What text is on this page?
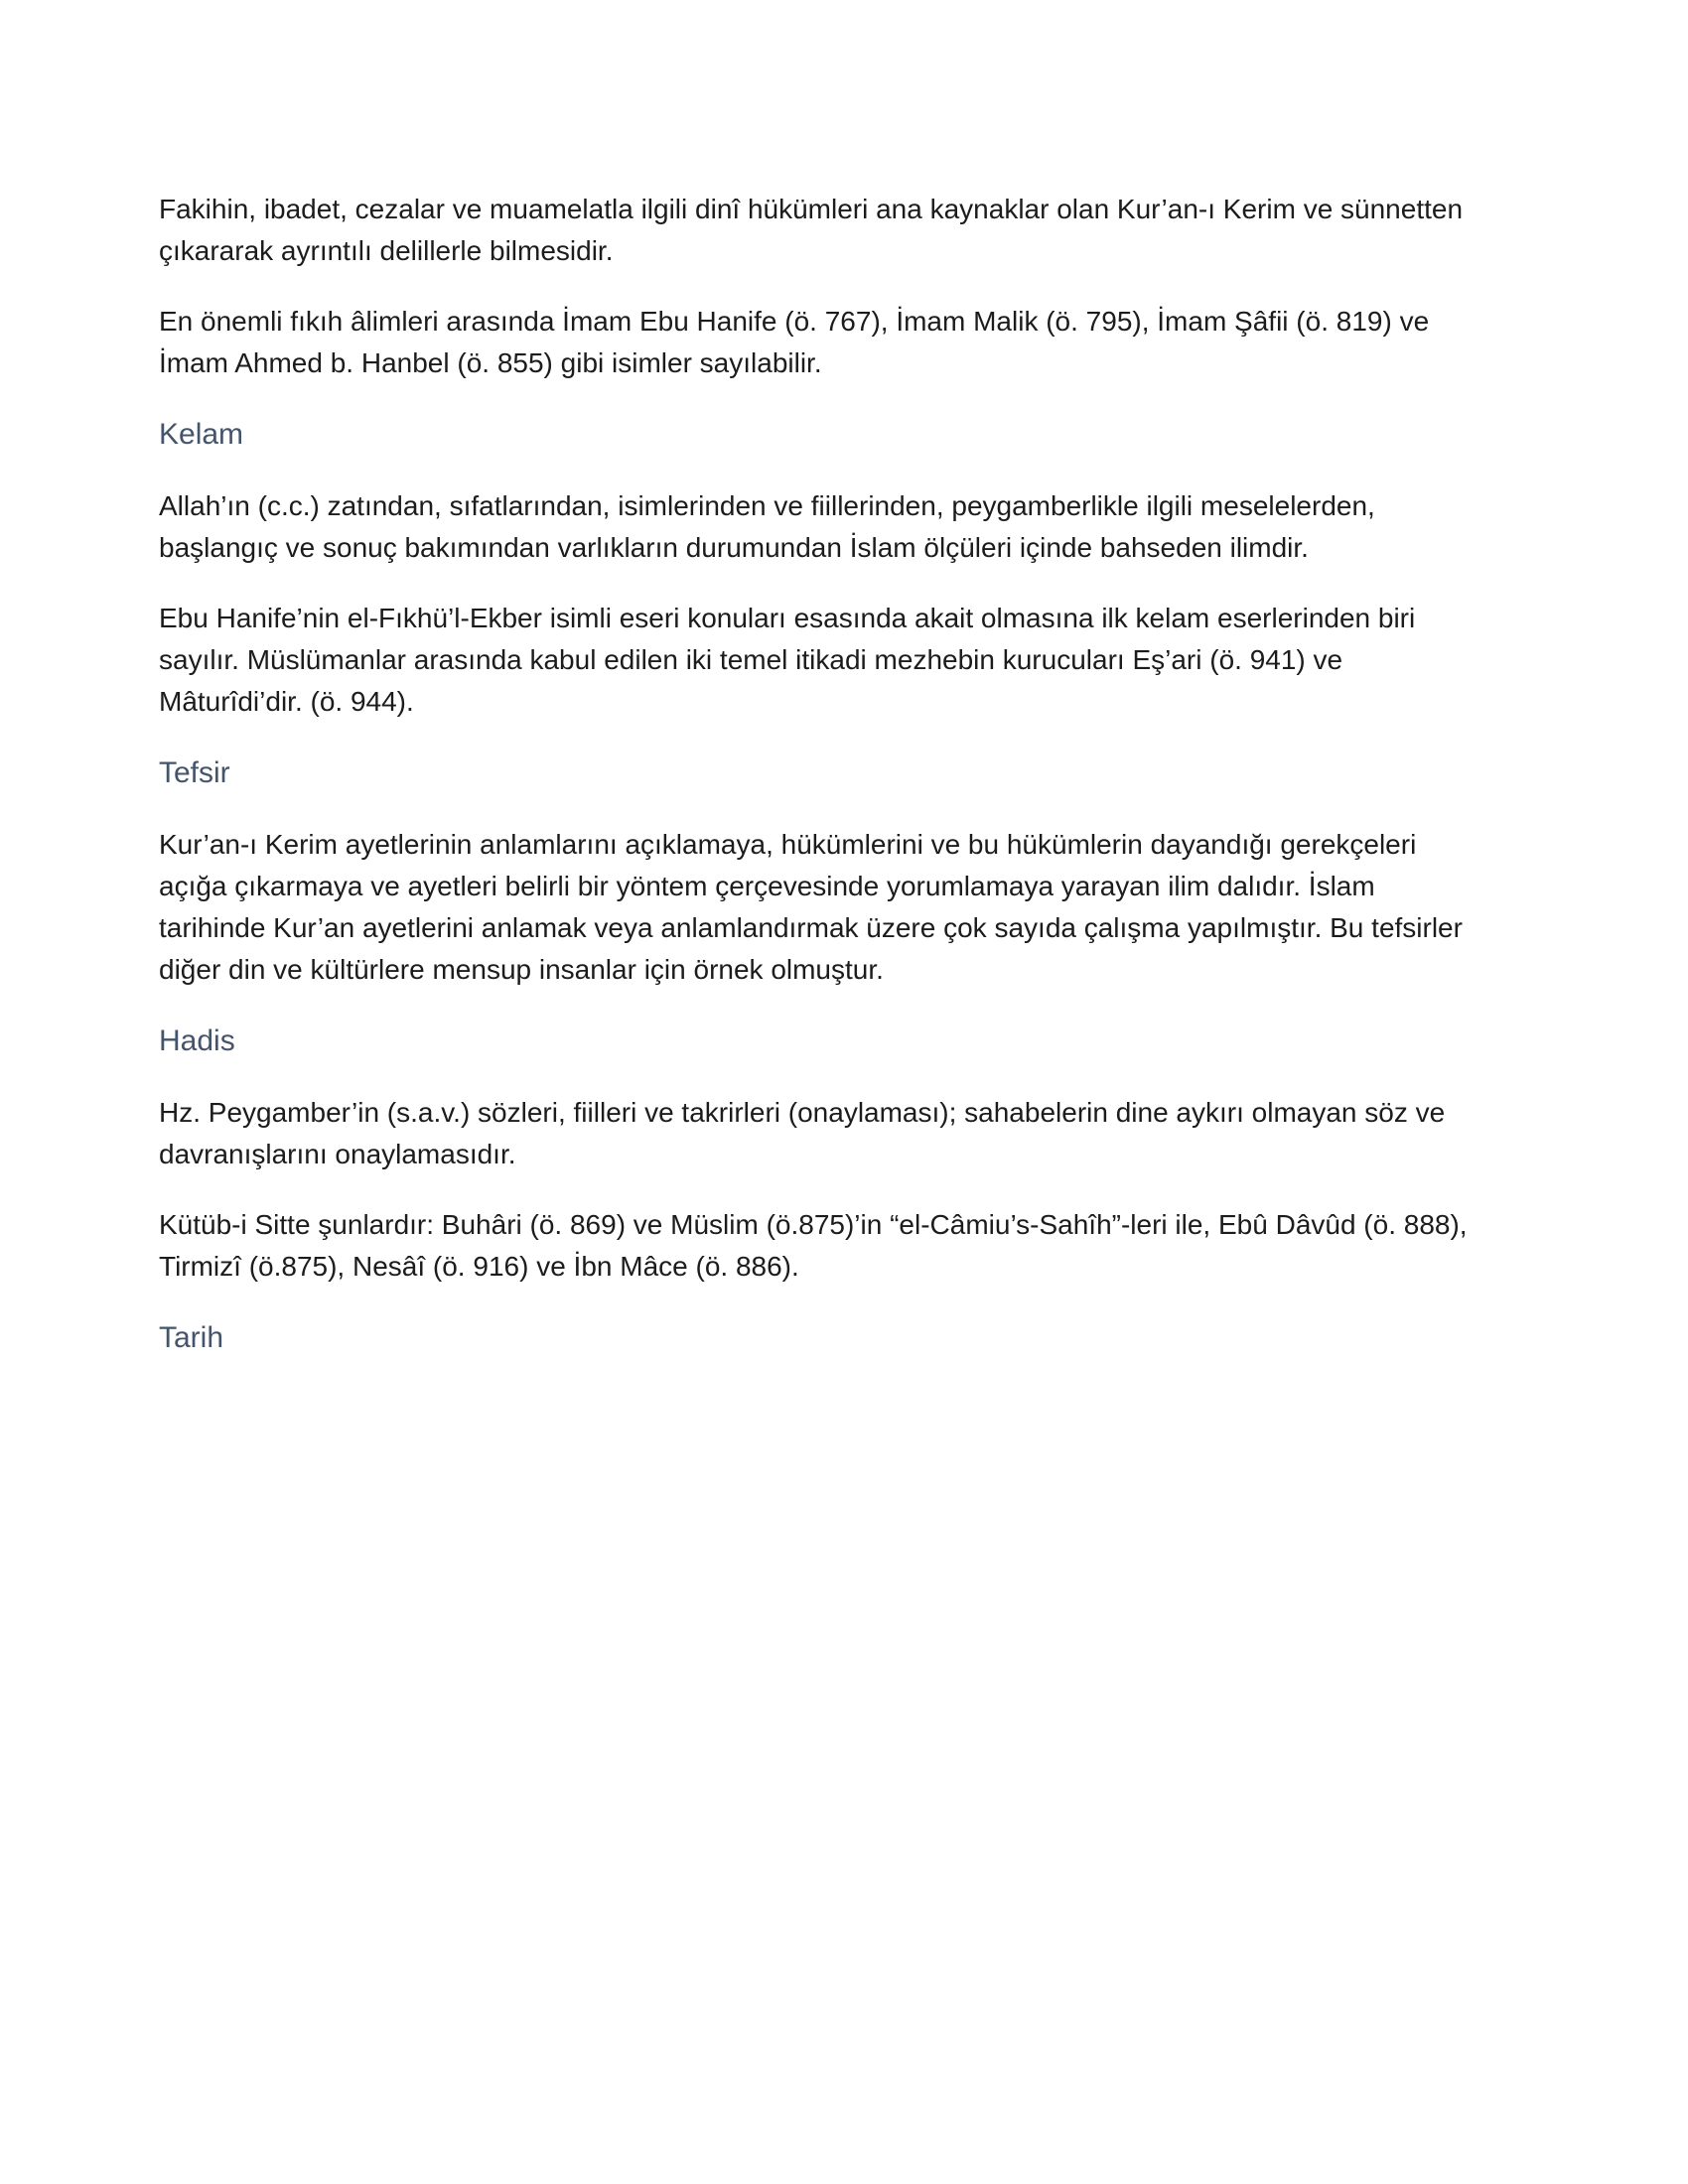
Fakihin, ibadet, cezalar ve muamelatla ilgili dinî hükümleri ana kaynaklar olan Kur’an-ı Kerim ve sünnetten çıkararak ayrıntılı delillerle bilmesidir.

En önemli fıkıh âlimleri arasında İmam Ebu Hanife (ö. 767), İmam Malik (ö. 795), İmam Şâfii (ö. 819) ve İmam Ahmed b. Hanbel (ö. 855) gibi isimler sayılabilir.

Kelam

Allah’ın (c.c.) zatından, sıfatlarından, isimlerinden ve fiillerinden, peygamberlikle ilgili meselelerden, başlangıç ve sonuç bakımından varlıkların durumundan İslam ölçüleri içinde bahseden ilimdir.

Ebu Hanife’nin el-Fıkhü’l-Ekber isimli eseri konuları esasında akait olmasına ilk kelam eserlerinden biri sayılır. Müslümanlar arasında kabul edilen iki temel itikadi mezhebin kurucuları Eş’ari (ö. 941) ve Mâturîdi’dir. (ö. 944).

Tefsir

Kur’an-ı Kerim ayetlerinin anlamlarını açıklamaya, hükümlerini ve bu hükümlerin dayandığı gerekçeleri açığa çıkarmaya ve ayetleri belirli bir yöntem çerçevesinde yorumlamaya yarayan ilim dalıdır. İslam tarihinde Kur’an ayetlerini anlamak veya anlamlandırmak üzere çok sayıda çalışma yapılmıştır. Bu tefsirler diğer din ve kültürlere mensup insanlar için örnek olmuştur.

Hadis

Hz. Peygamber’in (s.a.v.) sözleri, fiilleri ve takrirleri (onaylaması); sahabelerin dine aykırı olmayan söz ve davranışlarını onaylamasıdır.

Kütüb-i Sitte şunlardır: Buhâri (ö. 869) ve Müslim (ö.875)’in “el-Câmiu’s-Sahîh”-leri ile, Ebû Dâvûd (ö. 888), Tirmizî (ö.875), Nesâî (ö. 916) ve İbn Mâce (ö. 886).

Tarih
